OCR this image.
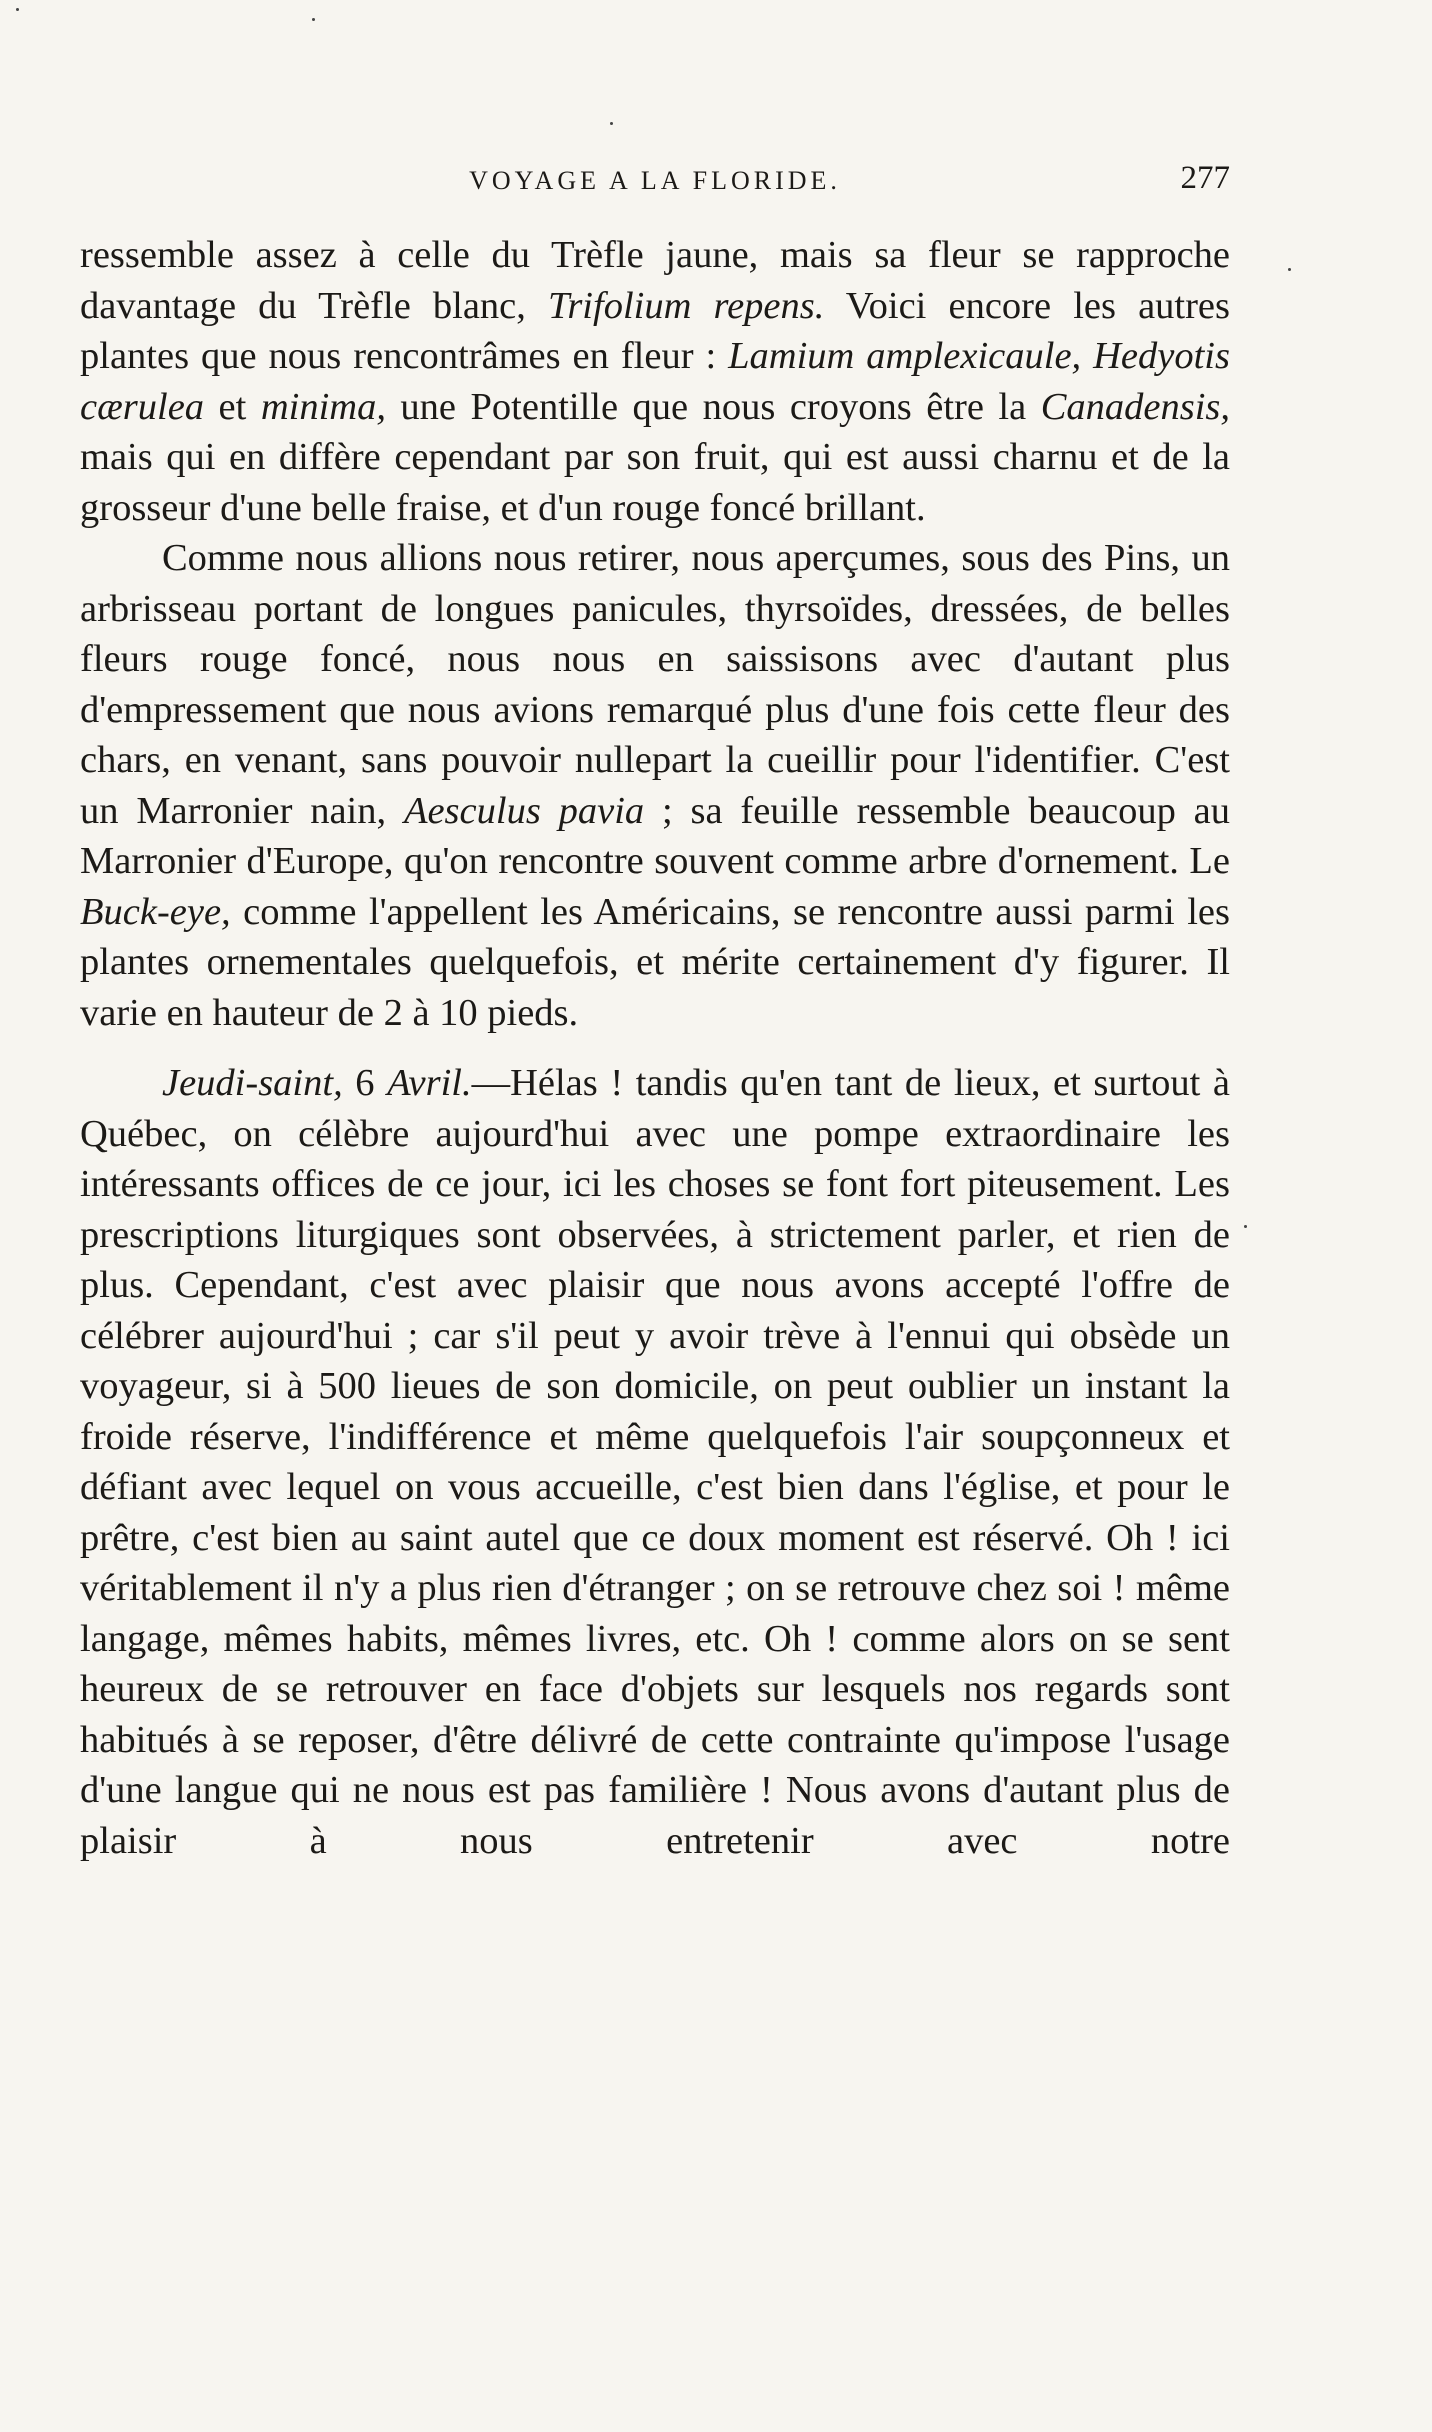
VOYAGE A LA FLORIDE.	277

ressemble assez à celle du Trèfle jaune, mais sa fleur se rapproche davantage du Trèfle blanc, Trifolium repens. Voici encore les autres plantes que nous rencontrâmes en fleur : Lamium amplexicaule, Hedyotis cærulea et minima, une Potentille que nous croyons être la Canadensis, mais qui en diffère cependant par son fruit, qui est aussi charnu et de la grosseur d'une belle fraise, et d'un rouge foncé brillant.

Comme nous allions nous retirer, nous aperçumes, sous des Pins, un arbrisseau portant de longues panicules, thyrsoïdes, dressées, de belles fleurs rouge foncé, nous nous en saissisons avec d'autant plus d'empressement que nous avions remarqué plus d'une fois cette fleur des chars, en venant, sans pouvoir nullepart la cueillir pour l'identifier. C'est un Marronier nain, Aesculus pavia ; sa feuille ressemble beaucoup au Marronier d'Europe, qu'on rencontre souvent comme arbre d'ornement. Le Buck-eye, comme l'appellent les Américains, se rencontre aussi parmi les plantes ornementales quelquefois, et mérite certainement d'y figurer. Il varie en hauteur de 2 à 10 pieds.

Jeudi-saint, 6 Avril.—Hélas ! tandis qu'en tant de lieux, et surtout à Québec, on célèbre aujourd'hui avec une pompe extraordinaire les intéressants offices de ce jour, ici les choses se font fort piteusement. Les prescriptions liturgiques sont observées, à strictement parler, et rien de plus. Cependant, c'est avec plaisir que nous avons accepté l'offre de célébrer aujourd'hui ; car s'il peut y avoir trève à l'ennui qui obsède un voyageur, si à 500 lieues de son domicile, on peut oublier un instant la froide réserve, l'indifférence et même quelquefois l'air soupçonneux et défiant avec lequel on vous accueille, c'est bien dans l'église, et pour le prêtre, c'est bien au saint autel que ce doux moment est réservé. Oh ! ici véritablement il n'y a plus rien d'étranger ; on se retrouve chez soi ! même langage, mêmes habits, mêmes livres, etc. Oh ! comme alors on se sent heureux de se retrouver en face d'objets sur lesquels nos regards sont habitués à se reposer, d'être délivré de cette contrainte qu'impose l'usage d'une langue qui ne nous est pas familière ! Nous avons d'autant plus de plaisir à nous entretenir avec notre
